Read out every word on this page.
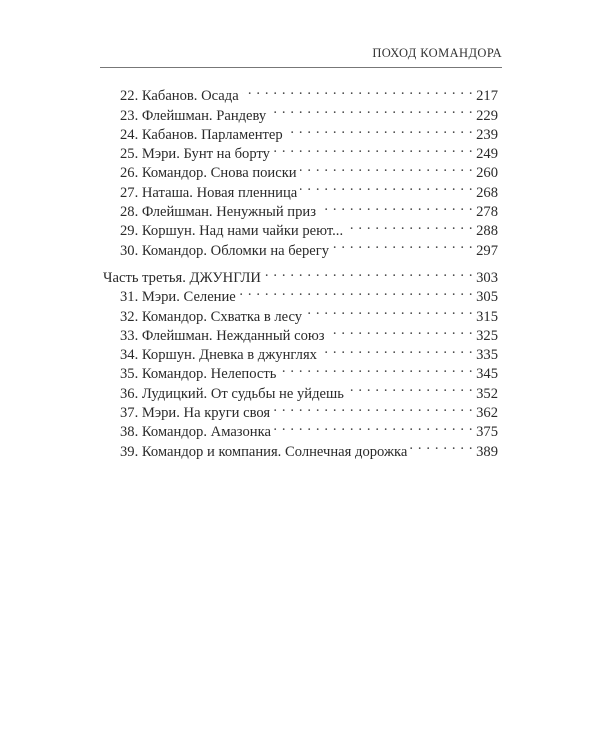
ПОХОД КОМАНДОРА
22. Кабанов. Осада . . .	217
23. Флейшман. Рандеву . . .	229
24. Кабанов. Парламентер . . .	239
25. Мэри. Бунт на борту . . .	249
26. Командор. Снова поиски . . .	260
27. Наташа. Новая пленница . . .	268
28. Флейшман. Ненужный приз . . .	278
29. Коршун. Над нами чайки реют... . . .	288
30. Командор. Обломки на берегу . . .	297
Часть третья. ДЖУНГЛИ . . .	303
31. Мэри. Селение . . .	305
32. Командор. Схватка в лесу . . .	315
33. Флейшман. Нежданный союз . . .	325
34. Коршун. Дневка в джунглях . . .	335
35. Командор. Нелепость . . .	345
36. Лудицкий. От судьбы не уйдешь . . .	352
37. Мэри. На круги своя . . .	362
38. Командор. Амазонка . . .	375
39. Командор и компания. Солнечная дорожка . . .	389
